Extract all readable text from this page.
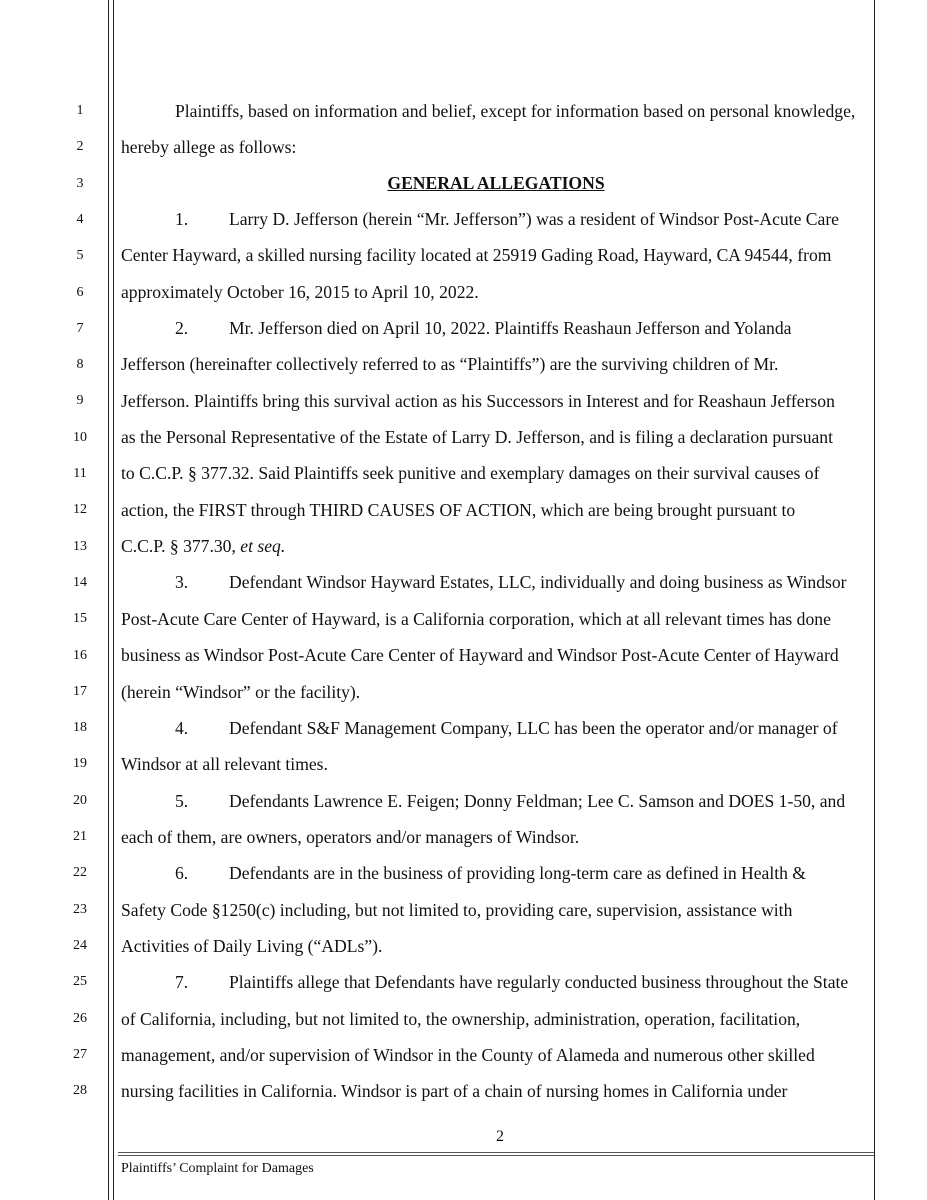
1
2
3
4
5
6
7
8
9
10
11
12
13
14
15
16
17
18
19
20
21
22
23
24
25
26
27
28
Plaintiffs, based on information and belief, except for information based on personal knowledge,
hereby allege as follows:
GENERAL ALLEGATIONS
1. Larry D. Jefferson (herein “Mr. Jefferson”) was a resident of Windsor Post-Acute Care
Center Hayward, a skilled nursing facility located at 25919 Gading Road, Hayward, CA 94544, from
approximately October 16, 2015 to April 10, 2022.
2. Mr. Jefferson died on April 10, 2022. Plaintiffs Reashaun Jefferson and Yolanda
Jefferson (hereinafter collectively referred to as “Plaintiffs”) are the surviving children of Mr.
Jefferson. Plaintiffs bring this survival action as his Successors in Interest and for Reashaun Jefferson
as the Personal Representative of the Estate of Larry D. Jefferson, and is filing a declaration pursuant
to C.C.P. § 377.32. Said Plaintiffs seek punitive and exemplary damages on their survival causes of
action, the FIRST through THIRD CAUSES OF ACTION, which are being brought pursuant to
C.C.P. § 377.30, et seq.
3. Defendant Windsor Hayward Estates, LLC, individually and doing business as Windsor
Post-Acute Care Center of Hayward, is a California corporation, which at all relevant times has done
business as Windsor Post-Acute Care Center of Hayward and Windsor Post-Acute Center of Hayward
(herein “Windsor” or the facility).
4. Defendant S&F Management Company, LLC has been the operator and/or manager of
Windsor at all relevant times.
5. Defendants Lawrence E. Feigen; Donny Feldman; Lee C. Samson and DOES 1-50, and
each of them, are owners, operators and/or managers of Windsor.
6. Defendants are in the business of providing long-term care as defined in Health &
Safety Code §1250(c) including, but not limited to, providing care, supervision, assistance with
Activities of Daily Living (“ADLs”).
7. Plaintiffs allege that Defendants have regularly conducted business throughout the State
of California, including, but not limited to, the ownership, administration, operation, facilitation,
management, and/or supervision of Windsor in the County of Alameda and numerous other skilled
nursing facilities in California. Windsor is part of a chain of nursing homes in California under
2
Plaintiffs’ Complaint for Damages
